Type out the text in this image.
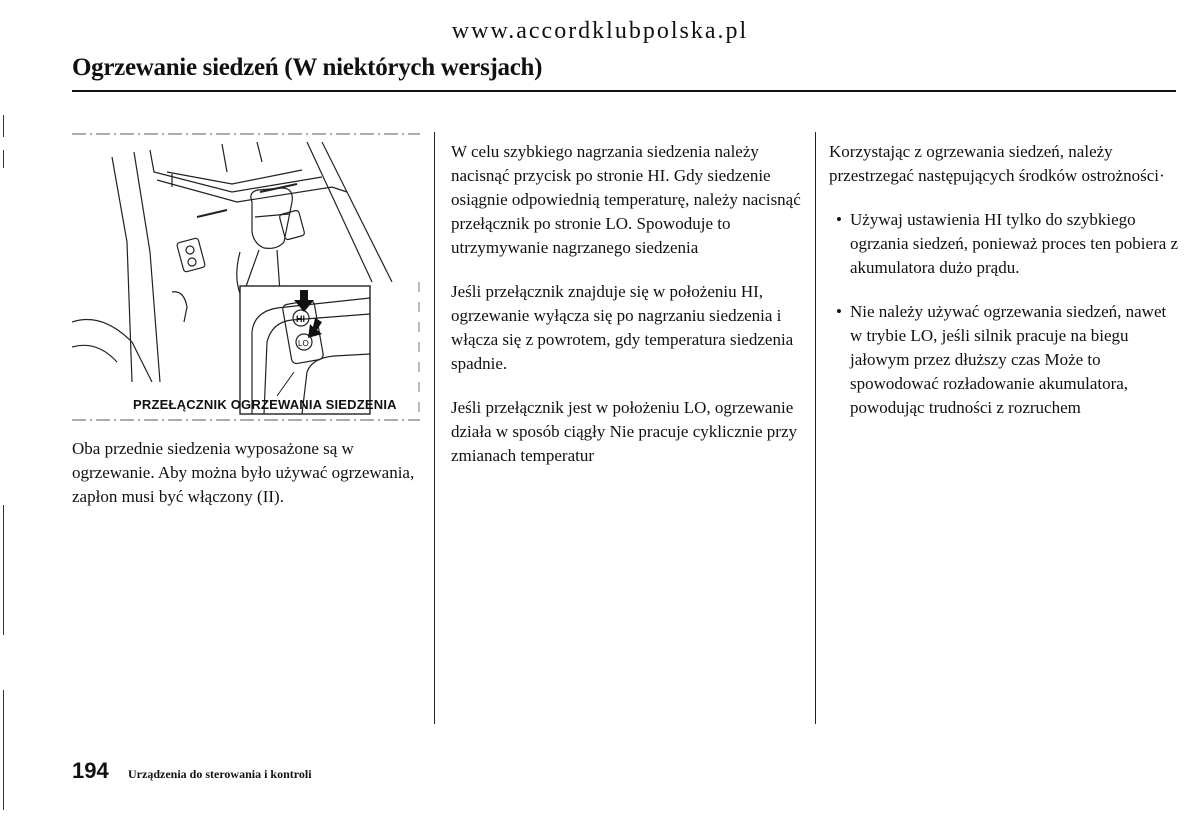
www.accordklubpolska.pl
Ogrzewanie siedzeń (W niektórych wersjach)
HI
LO
PRZEŁĄCZNIK OGRZEWANIA SIEDZENIA

Oba przednie siedzenia wyposażone są w ogrzewanie. Aby można było używać ogrzewania, zapłon musi być włączony (II).

W celu szybkiego nagrzania siedzenia należy nacisnąć przycisk po stronie HI. Gdy siedzenie osiągnie odpowiednią temperaturę, należy nacisnąć przełącznik po stronie LO. Spowoduje to utrzymywanie nagrzanego siedzenia

Jeśli przełącznik znajduje się w położeniu HI, ogrzewanie wyłącza się po nagrzaniu siedzenia i włącza się z powrotem, gdy temperatura siedzenia spadnie.

Jeśli przełącznik jest w położeniu LO, ogrzewanie działa w sposób ciągły Nie pracuje cyklicznie przy zmianach temperatur

Korzystając z ogrzewania siedzeń, należy przestrzegać następujących środków ostrożności·

• Używaj ustawienia HI tylko do szybkiego ogrzania siedzeń, ponieważ proces ten pobiera z akumulatora dużo prądu.
• Nie należy używać ogrzewania siedzeń, nawet w trybie LO, jeśli silnik pracuje na biegu jałowym przez dłuższy czas Może to spowodować rozładowanie akumulatora, powodując trudności z rozruchem
194 Urządzenia do sterowania i kontroli
